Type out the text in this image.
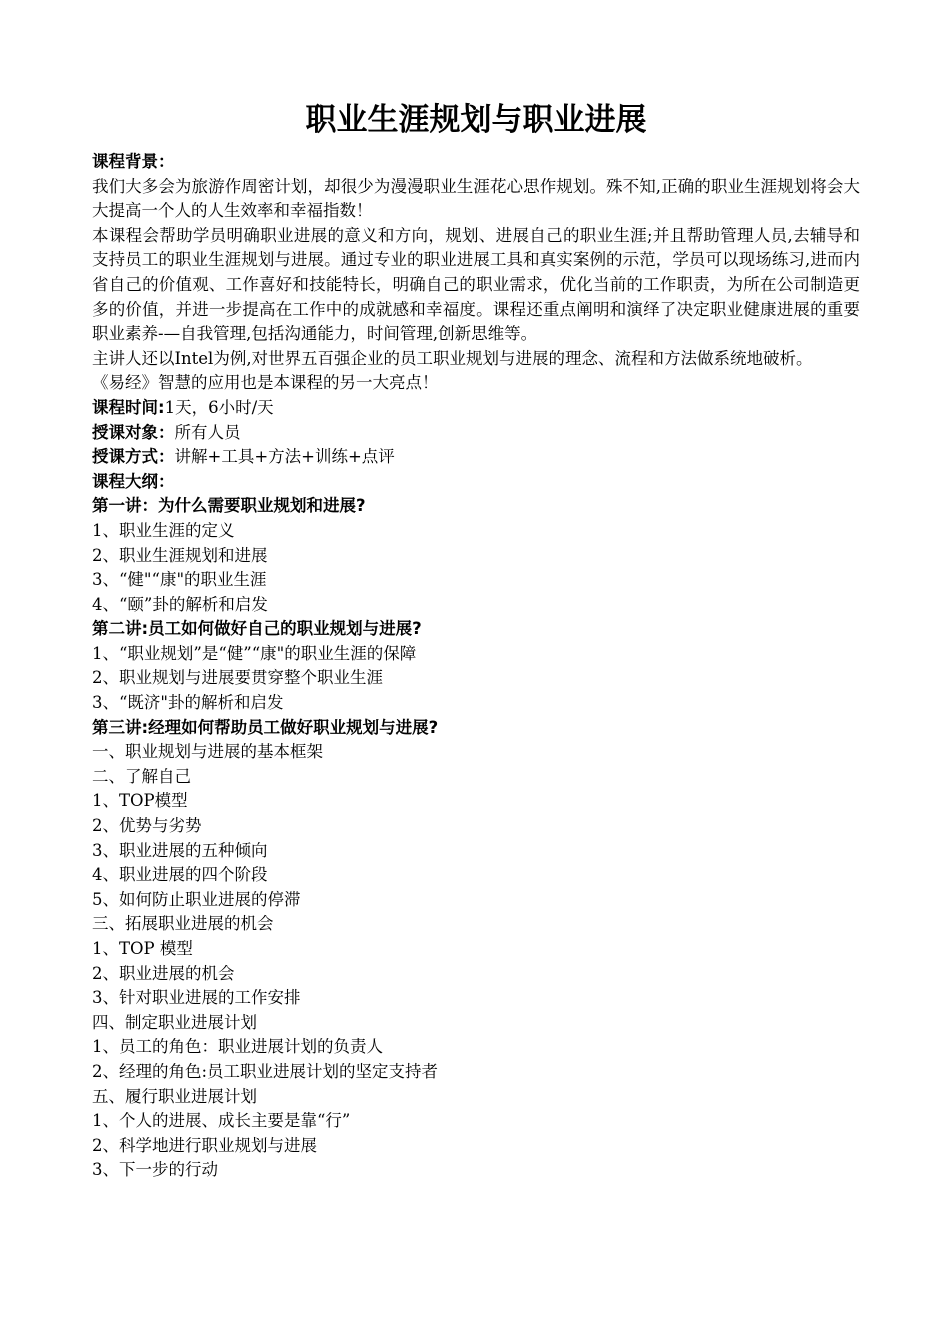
职业生涯规划与职业进展
课程背景：
我们大多会为旅游作周密计划，却很少为漫漫职业生涯花心思作规划。殊不知,正确的职业生涯规划将会大大提高一个人的人生效率和幸福指数！
本课程会帮助学员明确职业进展的意义和方向，规划、进展自己的职业生涯;并且帮助管理人员,去辅导和支持员工的职业生涯规划与进展。通过专业的职业进展工具和真实案例的示范，学员可以现场练习,进而内省自己的价值观、工作喜好和技能特长，明确自己的职业需求，优化当前的工作职责，为所在公司制造更多的价值，并进一步提高在工作中的成就感和幸福度。课程还重点阐明和演绎了决定职业健康进展的重要职业素养-—自我管理,包括沟通能力，时间管理,创新思维等。
主讲人还以Intel为例,对世界五百强企业的员工职业规划与进展的理念、流程和方法做系统地破析。
《易经》智慧的应用也是本课程的另一大亮点！
课程时间:1天，6小时/天
授课对象：所有人员
授课方式：讲解+工具+方法+训练+点评
课程大纲：
第一讲：为什么需要职业规划和进展?
1、职业生涯的定义
2、职业生涯规划和进展
3、“健"“康"的职业生涯
4、“颐”卦的解析和启发
第二讲:员工如何做好自己的职业规划与进展?
1、“职业规划”是“健”“康"的职业生涯的保障
2、职业规划与进展要贯穿整个职业生涯
3、“既济"卦的解析和启发
第三讲:经理如何帮助员工做好职业规划与进展?
一、职业规划与进展的基本框架
二、了解自己
1、TOP模型
2、优势与劣势
3、职业进展的五种倾向
4、职业进展的四个阶段
5、如何防止职业进展的停滞
三、拓展职业进展的机会
1、TOP 模型
2、职业进展的机会
3、针对职业进展的工作安排
四、制定职业进展计划
1、员工的角色：职业进展计划的负责人
2、经理的角色:员工职业进展计划的坚定支持者
五、履行职业进展计划
1、个人的进展、成长主要是靠“行”
2、科学地进行职业规划与进展
3、下一步的行动
